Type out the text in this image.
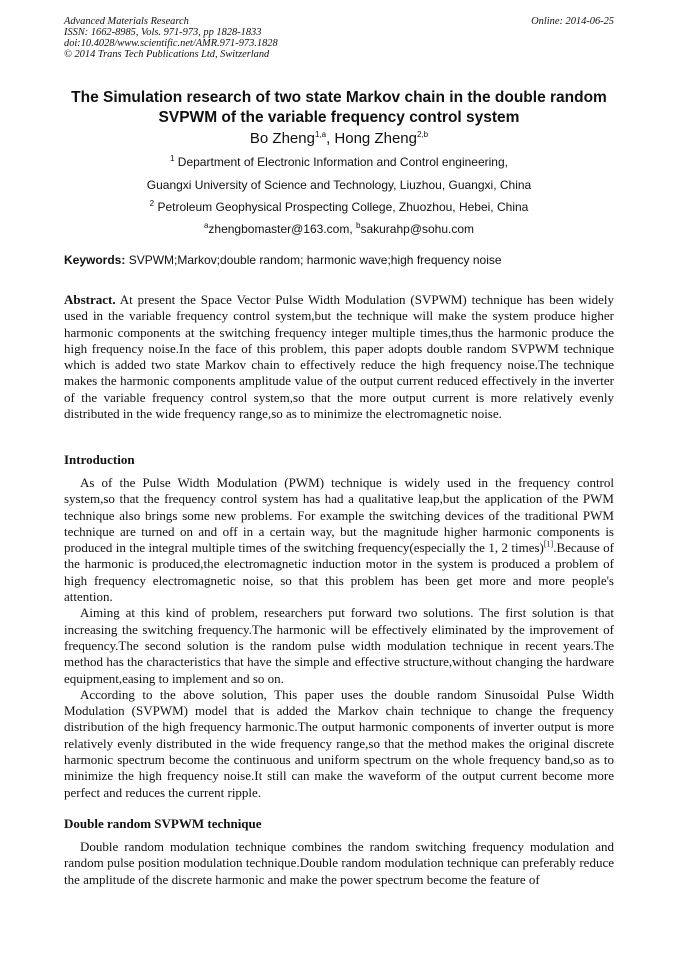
Advanced Materials Research
ISSN: 1662-8985, Vols. 971-973, pp 1828-1833
doi:10.4028/www.scientific.net/AMR.971-973.1828
© 2014 Trans Tech Publications Ltd, Switzerland
Online: 2014-06-25
The Simulation research of two state Markov chain in the double random
SVPWM of the variable frequency control system
Bo Zheng$^{1,a}$, Hong Zheng$^{2,b}$
$^1$ Department of Electronic Information and Control engineering,
Guangxi University of Science and Technology, Liuzhou, Guangxi, China
$^2$ Petroleum Geophysical Prospecting College, Zhuozhou, Hebei, China
$^a$zhengbomaster@163.com, $^b$sakurahp@sohu.com
Keywords: SVPWM;Markov;double random; harmonic wave;high frequency noise
Abstract. At present the Space Vector Pulse Width Modulation (SVPWM) technique has been widely used in the variable frequency control system,but the technique will make the system produce higher harmonic components at the switching frequency integer multiple times,thus the harmonic produce the high frequency noise.In the face of this problem, this paper adopts double random SVPWM technique which is added two state Markov chain to effectively reduce the high frequency noise.The technique makes the harmonic components amplitude value of the output current reduced effectively in the inverter of the variable frequency control system,so that the more output current is more relatively evenly distributed in the wide frequency range,so as to minimize the electromagnetic noise.
Introduction

As of the Pulse Width Modulation (PWM) technique is widely used in the frequency control system,so that the frequency control system has had a qualitative leap,but the application of the PWM technique also brings some new problems. For example the switching devices of the traditional PWM technique are turned on and off in a certain way, but the magnitude higher harmonic components is produced in the integral multiple times of the switching frequency(especially the 1, 2 times)[1].Because of the harmonic is produced,the electromagnetic induction motor in the system is produced a problem of high frequency electromagnetic noise, so that this problem has been get more and more people's attention.

Aiming at this kind of problem, researchers put forward two solutions. The first solution is that increasing the switching frequency.The harmonic will be effectively eliminated by the improvement of frequency.The second solution is the random pulse width modulation technique in recent years.The method has the characteristics that have the simple and effective structure,without changing the hardware equipment,easing to implement and so on.

According to the above solution, This paper uses the double random Sinusoidal Pulse Width Modulation (SVPWM) model that is added the Markov chain technique to change the frequency distribution of the high frequency harmonic.The output harmonic components of inverter output is more relatively evenly distributed in the wide frequency range,so that the method makes the original discrete harmonic spectrum become the continuous and uniform spectrum on the whole frequency band,so as to minimize the high frequency noise.It still can make the waveform of the output current become more perfect and reduces the current ripple.

Double random SVPWM technique

Double random modulation technique combines the random switching frequency modulation and random pulse position modulation technique.Double random modulation technique can preferably reduce the amplitude of the discrete harmonic and make the power spectrum become the feature of
